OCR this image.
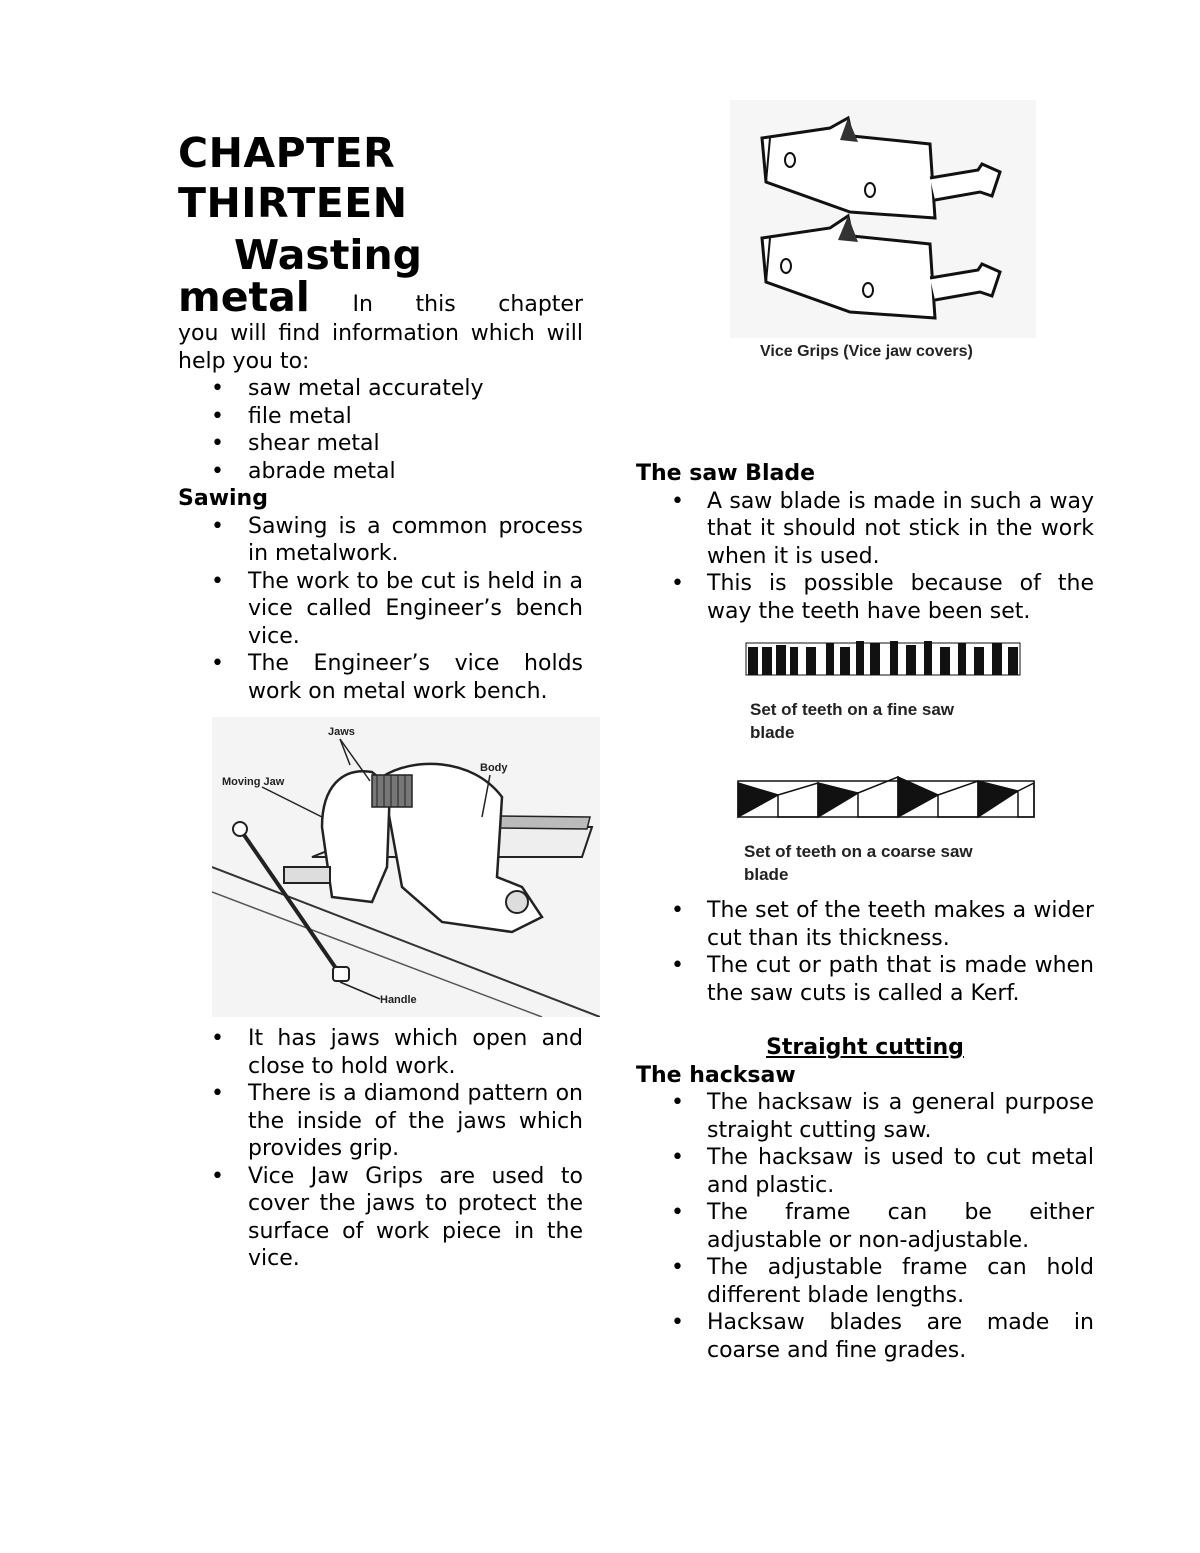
CHAPTER
THIRTEEN
Wasting
metal In this chapter

you will find information which will help you to:

• saw metal accurately
• file metal
• shear metal
• abrade metal
Sawing
• Sawing is a common process in metalwork.
• The work to be cut is held in a vice called Engineer’s bench vice.
• The Engineer’s vice holds work on metal work bench.
Jaws
Body
Moving Jaw
Handle
• It has jaws which open and close to hold work.
• There is a diamond pattern on the inside of the jaws which provides grip.
• Vice Jaw Grips are used to cover the jaws to protect the surface of work piece in the vice.
Vice Grips (Vice jaw covers)
The saw Blade
• A saw blade is made in such a way that it should not stick in the work when it is used.
• This is possible because of the way the teeth have been set.
Set of teeth on a fine saw
blade
Set of teeth on a coarse saw
blade
• The set of the teeth makes a wider cut than its thickness.
• The cut or path that is made when the saw cuts is called a Kerf.
Straight cutting
The hacksaw
• The hacksaw is a general purpose straight cutting saw.
• The hacksaw is used to cut metal and plastic.
• The frame can be either adjustable or non-adjustable.
• The adjustable frame can hold different blade lengths.
• Hacksaw blades are made in coarse and fine grades.
